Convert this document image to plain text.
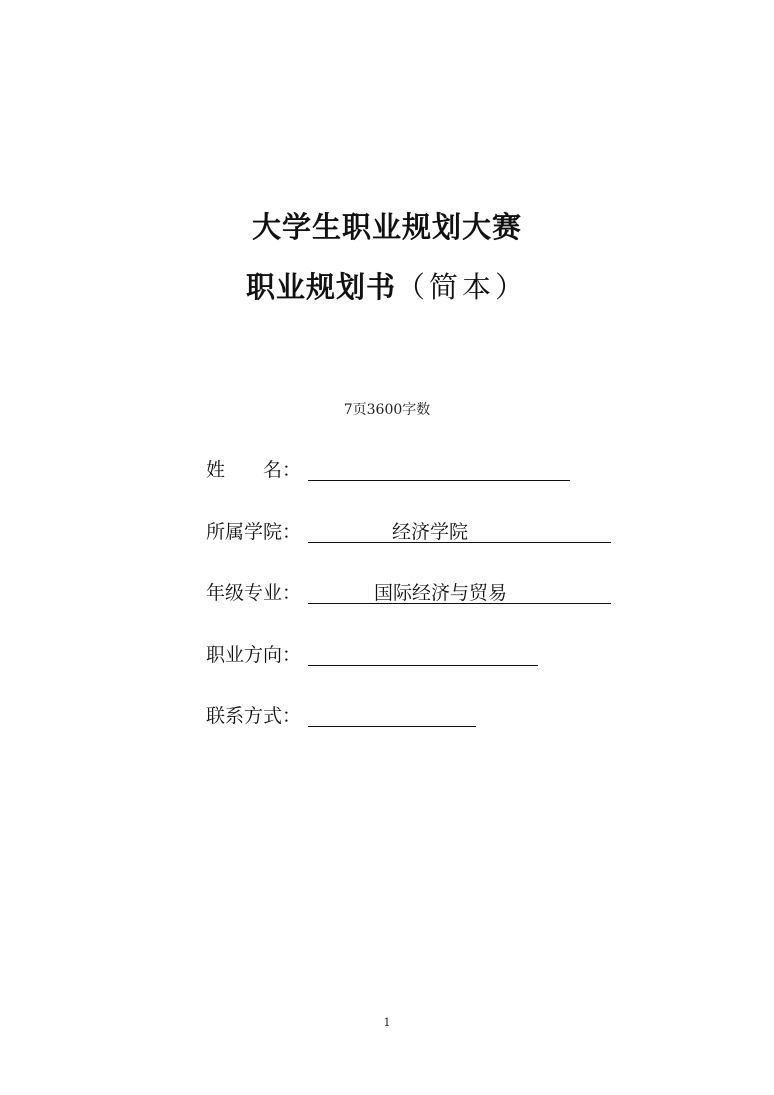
大学生职业规划大赛
职业规划书（简本）
7页3600字数
姓　　名：
所属学院：	经济学院
年级专业：	国际经济与贸易
职业方向：
联系方式：
1
